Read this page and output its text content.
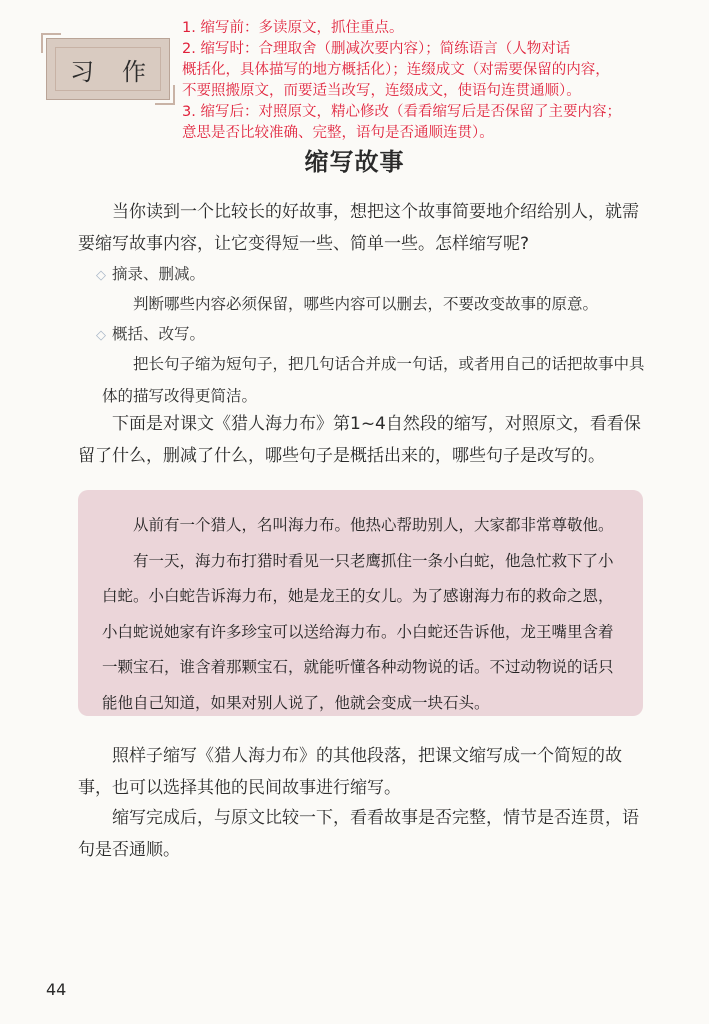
习 作
1. 缩写前：多读原文，抓住重点。
2. 缩写时：合理取舍（删减次要内容）；简练语言（人物对话
概括化，具体描写的地方概括化）；连缀成文（对需要保留的内容，
不要照搬原文，而要适当改写，连缀成文，使语句连贯通顺）。
3. 缩写后：对照原文，精心修改（看看缩写后是否保留了主要内容；
意思是否比较准确、完整，语句是否通顺连贯）。
缩写故事
当你读到一个比较长的好故事，想把这个故事简要地介绍给别人，就需要缩写故事内容，让它变得短一些、简单一些。怎样缩写呢?
◇ 摘录、删减。
判断哪些内容必须保留，哪些内容可以删去，不要改变故事的原意。
◇ 概括、改写。
把长句子缩为短句子，把几句话合并成一句话，或者用自己的话把故事中具体的描写改得更简洁。
下面是对课文《猎人海力布》第1~4自然段的缩写，对照原文，看看保留了什么，删减了什么，哪些句子是概括出来的，哪些句子是改写的。

从前有一个猎人，名叫海力布。他热心帮助别人，大家都非常尊敬他。

有一天，海力布打猎时看见一只老鹰抓住一条小白蛇，他急忙救下了小白蛇。小白蛇告诉海力布，她是龙王的女儿。为了感谢海力布的救命之恩，小白蛇说她家有许多珍宝可以送给海力布。小白蛇还告诉他，龙王嘴里含着一颗宝石，谁含着那颗宝石，就能听懂各种动物说的话。不过动物说的话只能他自己知道，如果对别人说了，他就会变成一块石头。

照样子缩写《猎人海力布》的其他段落，把课文缩写成一个简短的故事，也可以选择其他的民间故事进行缩写。
缩写完成后，与原文比较一下，看看故事是否完整，情节是否连贯，语句是否通顺。
44
